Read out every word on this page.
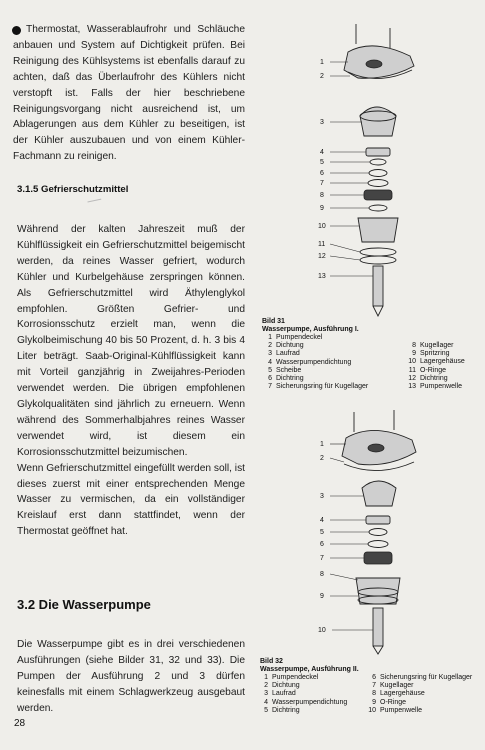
Thermostat, Wasserablaufrohr und Schläuche anbauen und System auf Dichtigkeit prüfen. Bei Reinigung des Kühlsystems ist ebenfalls darauf zu achten, daß das Überlaufrohr des Kühlers nicht verstopft ist. Falls der hier beschriebene Reinigungsvorgang nicht ausreichend ist, um Ablagerungen aus dem Kühler zu beseitigen, ist der Kühler auszubauen und von einem Kühler-Fachmann zu reinigen.

3.1.5 Gefrierschutzmittel

Während der kalten Jahreszeit muß der Kühlflüssigkeit ein Gefrierschutzmittel beigemischt werden, da reines Wasser gefriert, wodurch Kühler und Kurbelgehäuse zerspringen können. Als Gefrierschutzmittel wird Äthylenglykol empfohlen. Größten Gefrier- und Korrosionsschutz erzielt man, wenn die Glykolbeimischung 40 bis 50 Prozent, d. h. 3 bis 4 Liter beträgt. Saab-Original-Kühlflüssigkeit kann mit Vorteil ganzjährig in Zweijahres-Perioden verwendet werden. Die übrigen empfohlenen Glykolqualitäten sind jährlich zu erneuern. Wenn während des Sommerhalbjahres reines Wasser verwendet wird, ist diesem ein Korrosionsschutzmittel beizumischen.

Wenn Gefrierschutzmittel eingefüllt werden soll, ist dieses zuerst mit einer entsprechenden Menge Wasser zu vermischen, da ein vollständiger Kreislauf erst dann stattfindet, wenn der Thermostat geöffnet hat.

3.2 Die Wasserpumpe

Die Wasserpumpe gibt es in drei verschiedenen Ausführungen (siehe Bilder 31, 32 und 33). Die Pumpen der Ausführung 2 und 3 dürfen keinesfalls mit einem Schlagwerkzeug ausgebaut werden.

28
1
2
3
4
5
6
7
8
9
10
11
12
13
Bild 31
Wasserpumpe, Ausführung I.
1 Pumpendeckel
2 Dichtung
3 Laufrad
4 Wasserpumpendichtung
5 Scheibe
6 Dichtring
7 Sicherungsring für Kugellager
8 Kugellager
9 Spritzring
10 Lagergehäuse
11 O-Ringe
12 Dichtring
13 Pumpenwelle
1
2
3
4
5
6
7
8
9
10
Bild 32
Wasserpumpe, Ausführung II.
1 Pumpendeckel
2 Dichtung
3 Laufrad
4 Wasserpumpendichtung
5 Dichtring
6 Sicherungsring für Kugellager
7 Kugellager
8 Lagergehäuse
9 O-Ringe
10 Pumpenwelle
